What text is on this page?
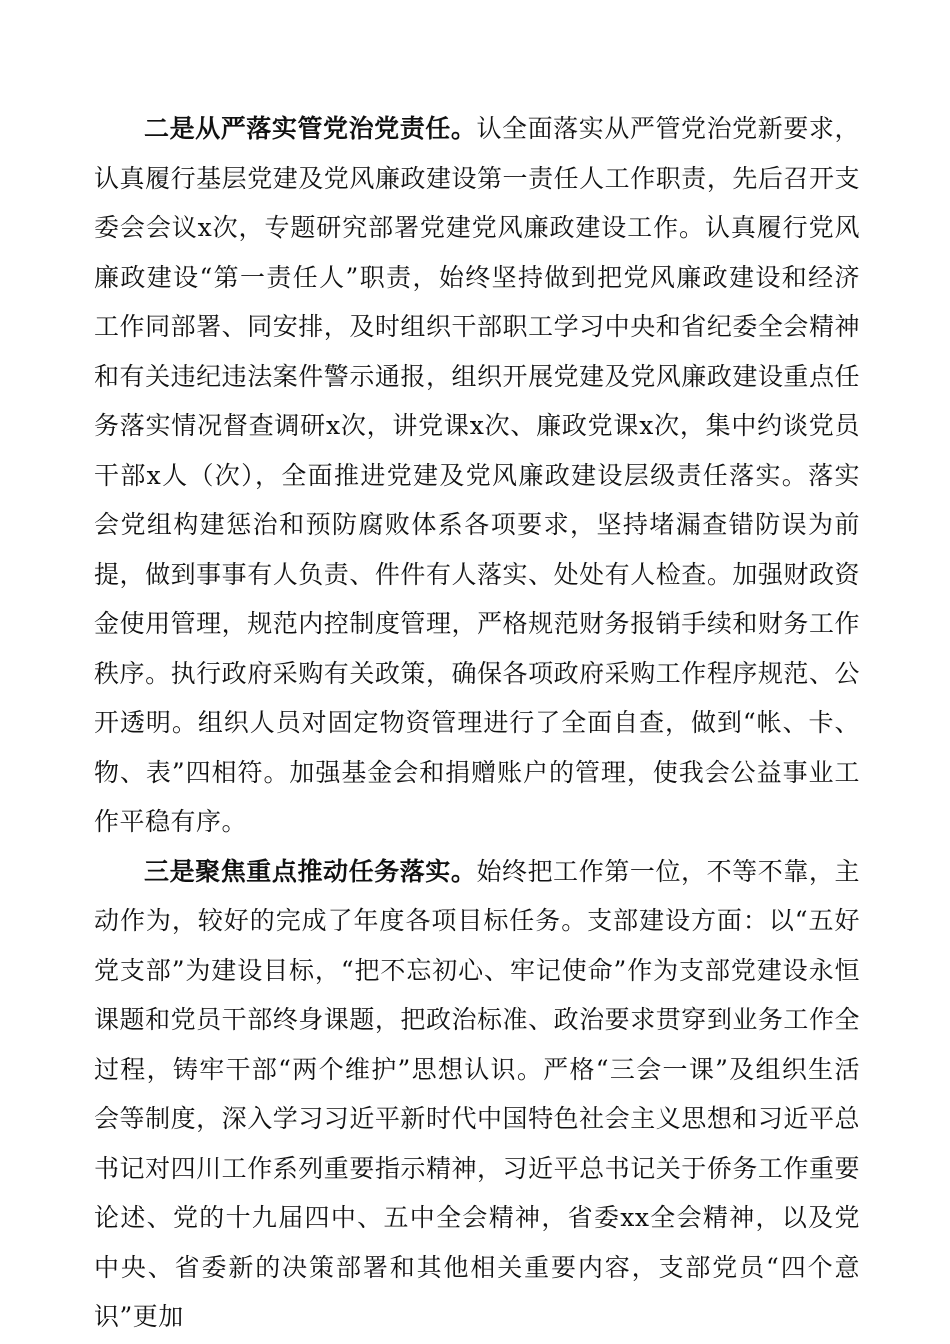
二是从严落实管党治党责任。认全面落实从严管党治党新要求，认真履行基层党建及党风廉政建设第一责任人工作职责，先后召开支委会会议x次，专题研究部署党建党风廉政建设工作。认真履行党风廉政建设“第一责任人”职责，始终坚持做到把党风廉政建设和经济工作同部署、同安排，及时组织干部职工学习中央和省纪委全会精神和有关违纪违法案件警示通报，组织开展党建及党风廉政建设重点任务落实情况督查调研x次，讲党课x次、廉政党课x次，集中约谈党员干部x人（次），全面推进党建及党风廉政建设层级责任落实。落实会党组构建惩治和预防腐败体系各项要求，坚持堵漏查错防误为前提，做到事事有人负责、件件有人落实、处处有人检查。加强财政资金使用管理，规范内控制度管理，严格规范财务报销手续和财务工作秩序。执行政府采购有关政策，确保各项政府采购工作程序规范、公开透明。组织人员对固定物资管理进行了全面自查，做到“帐、卡、物、表”四相符。加强基金会和捐赠账户的管理，使我会公益事业工作平稳有序。

三是聚焦重点推动任务落实。始终把工作第一位，不等不靠，主动作为，较好的完成了年度各项目标任务。支部建设方面：以“五好党支部”为建设目标，“把不忘初心、牢记使命”作为支部党建设永恒课题和党员干部终身课题，把政治标准、政治要求贯穿到业务工作全过程，铸牢干部“两个维护”思想认识。严格“三会一课”及组织生活会等制度，深入学习习近平新时代中国特色社会主义思想和习近平总书记对四川工作系列重要指示精神，习近平总书记关于侨务工作重要论述、党的十九届四中、五中全会精神，省委xx全会精神，以及党中央、省委新的决策部署和其他相关重要内容，支部党员“四个意识”更加
